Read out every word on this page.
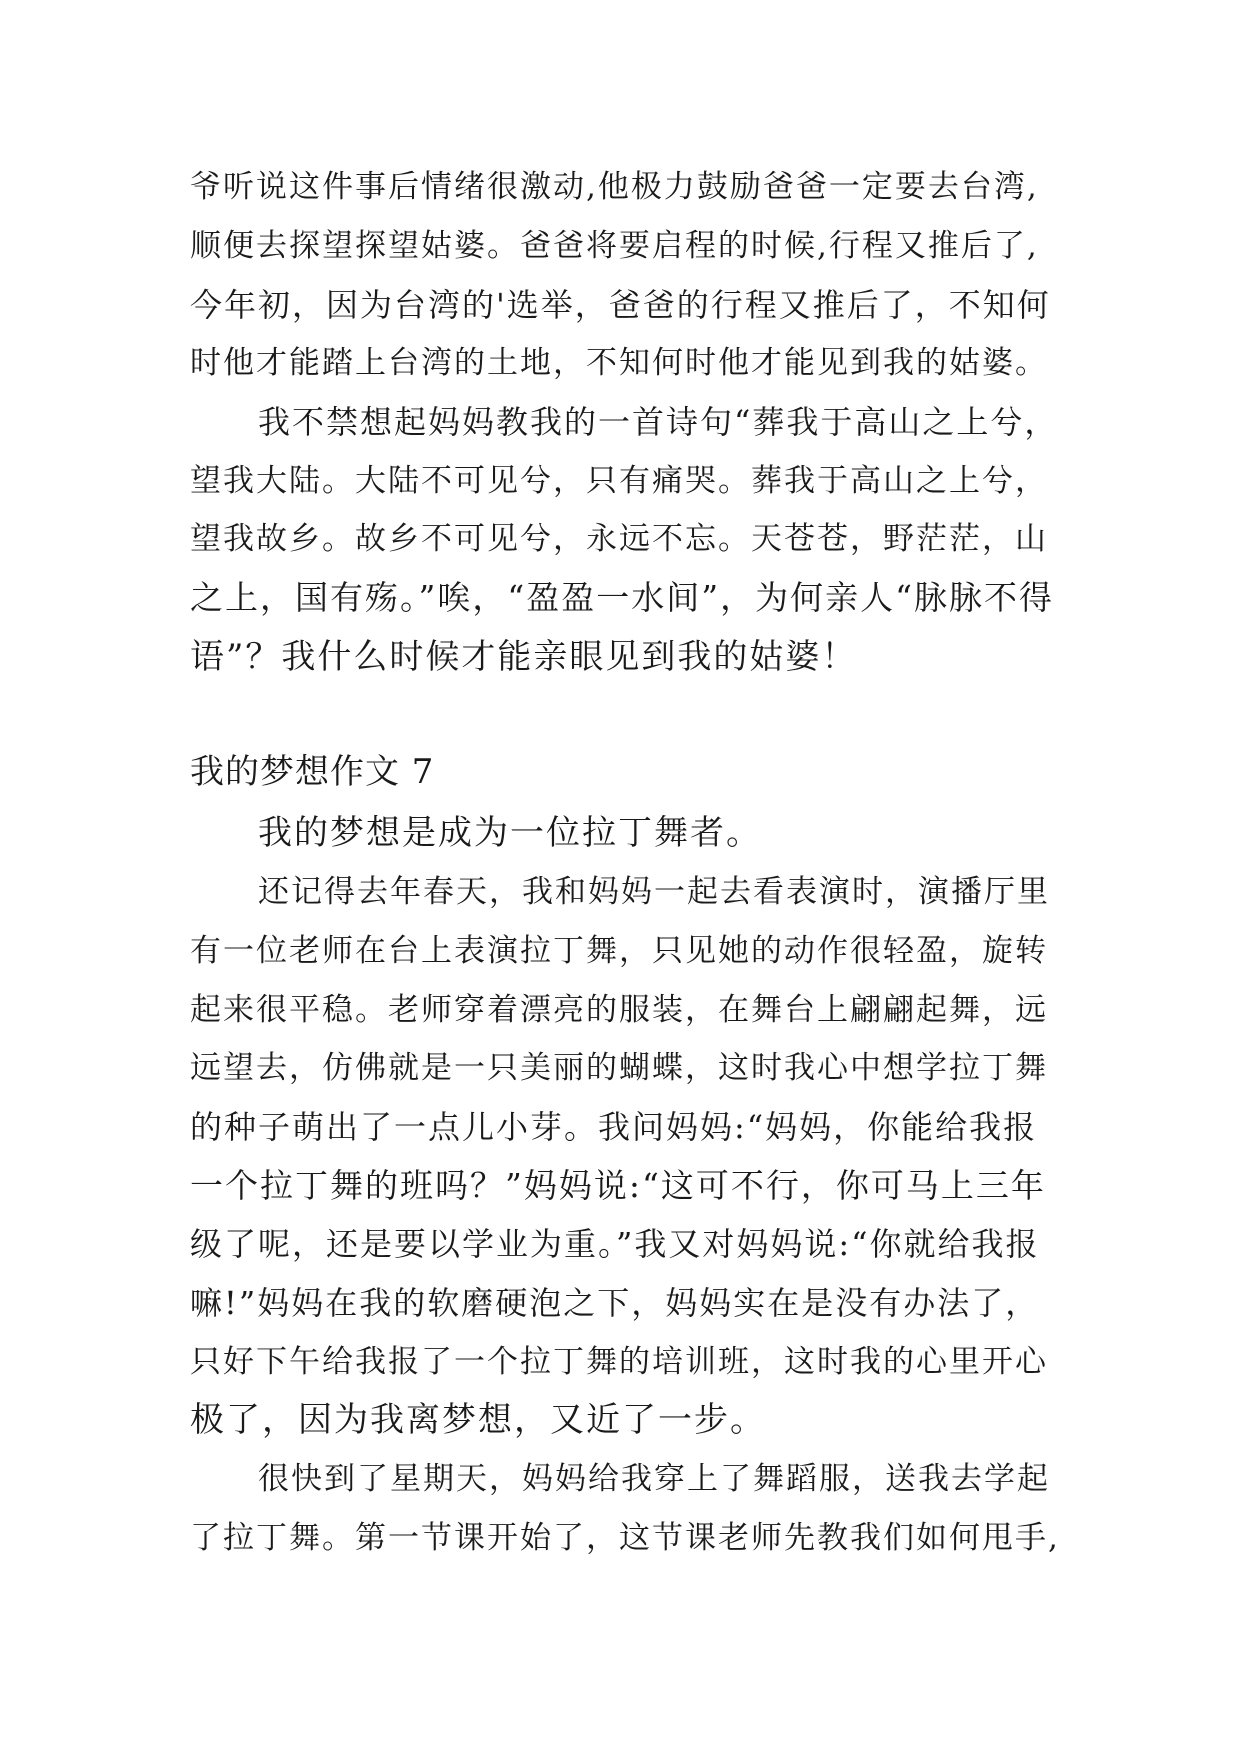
爷听说这件事后情绪很激动,他极力鼓励爸爸一定要去台湾,
顺便去探望探望姑婆。爸爸将要启程的时候,行程又推后了,
今年初，因为台湾的'选举，爸爸的行程又推后了，不知何
时他才能踏上台湾的土地，不知何时他才能见到我的姑婆。
我不禁想起妈妈教我的一首诗句“葬我于高山之上兮，
望我大陆。大陆不可见兮，只有痛哭。葬我于高山之上兮，
望我故乡。故乡不可见兮，永远不忘。天苍苍，野茫茫，山
之上，国有殇。”唉，“盈盈一水间”，为何亲人“脉脉不得
语”？我什么时候才能亲眼见到我的姑婆！
我的梦想作文 7
我的梦想是成为一位拉丁舞者。
还记得去年春天，我和妈妈一起去看表演时，演播厅里
有一位老师在台上表演拉丁舞，只见她的动作很轻盈，旋转
起来很平稳。老师穿着漂亮的服装，在舞台上翩翩起舞，远
远望去，仿佛就是一只美丽的蝴蝶，这时我心中想学拉丁舞
的种子萌出了一点儿小芽。我问妈妈:“妈妈，你能给我报
一个拉丁舞的班吗？”妈妈说:“这可不行，你可马上三年
级了呢，还是要以学业为重。”我又对妈妈说:“你就给我报
嘛!”妈妈在我的软磨硬泡之下，妈妈实在是没有办法了，
只好下午给我报了一个拉丁舞的培训班，这时我的心里开心
极了，因为我离梦想，又近了一步。
很快到了星期天，妈妈给我穿上了舞蹈服，送我去学起
了拉丁舞。第一节课开始了，这节课老师先教我们如何甩手,
